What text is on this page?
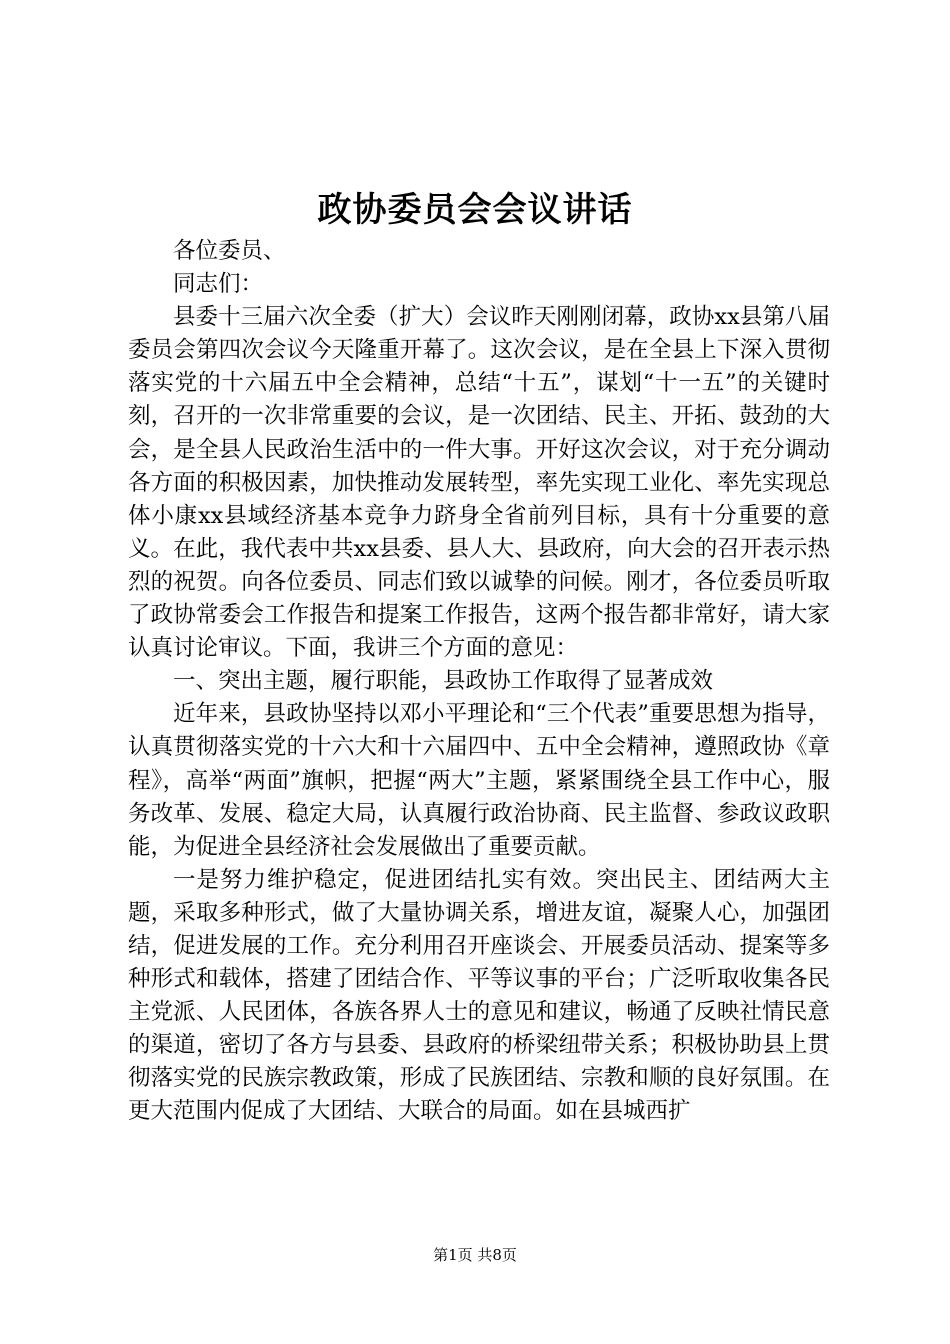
政协委员会会议讲话

各位委员、

同志们：

县委十三届六次全委（扩大）会议昨天刚刚闭幕，政协xx县第八届委员会第四次会议今天隆重开幕了。这次会议，是在全县上下深入贯彻落实党的十六届五中全会精神，总结“十五”，谋划“十一五”的关键时刻，召开的一次非常重要的会议，是一次团结、民主、开拓、鼓劲的大会，是全县人民政治生活中的一件大事。开好这次会议，对于充分调动各方面的积极因素，加快推动发展转型，率先实现工业化、率先实现总体小康xx县域经济基本竞争力跻身全省前列目标，具有十分重要的意义。在此，我代表中共xx县委、县人大、县政府，向大会的召开表示热烈的祝贺。向各位委员、同志们致以诚挚的问候。刚才，各位委员听取了政协常委会工作报告和提案工作报告，这两个报告都非常好，请大家认真讨论审议。下面，我讲三个方面的意见：

一、突出主题，履行职能，县政协工作取得了显著成效

近年来，县政协坚持以邓小平理论和“三个代表”重要思想为指导，认真贯彻落实党的十六大和十六届四中、五中全会精神，遵照政协《章程》，高举“两面”旗帜，把握“两大”主题，紧紧围绕全县工作中心，服务改革、发展、稳定大局，认真履行政治协商、民主监督、参政议政职能，为促进全县经济社会发展做出了重要贡献。

一是努力维护稳定，促进团结扎实有效。突出民主、团结两大主题，采取多种形式，做了大量协调关系，增进友谊，凝聚人心，加强团结，促进发展的工作。充分利用召开座谈会、开展委员活动、提案等多种形式和载体，搭建了团结合作、平等议事的平台；广泛听取收集各民主党派、人民团体，各族各界人士的意见和建议，畅通了反映社情民意的渠道，密切了各方与县委、县政府的桥梁纽带关系；积极协助县上贯彻落实党的民族宗教政策，形成了民族团结、宗教和顺的良好氛围。在更大范围内促成了大团结、大联合的局面。如在县城西扩

第1页 共8页
